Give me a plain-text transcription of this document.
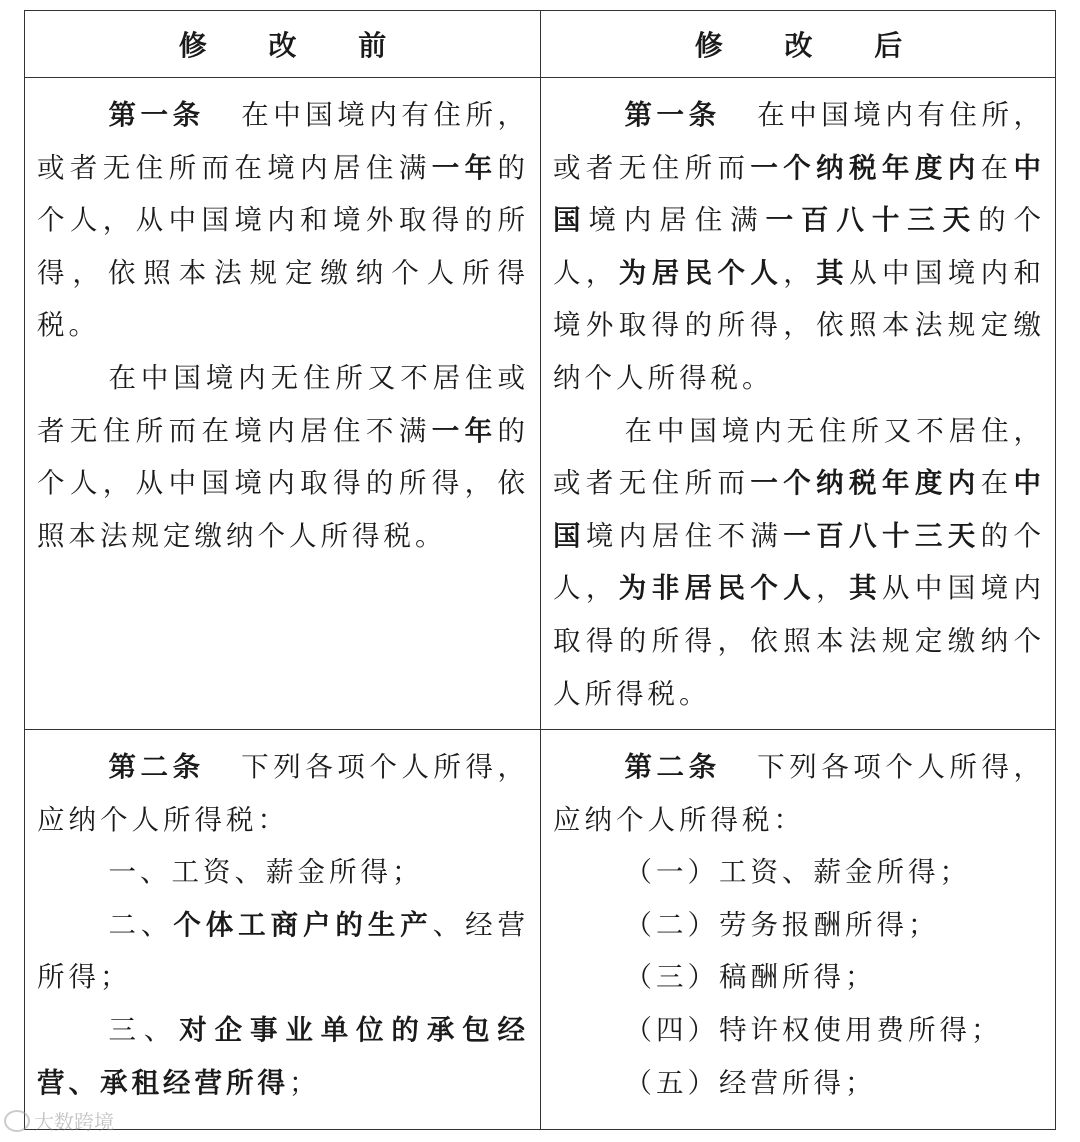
修 改 前	修 改 后

第一条 在中国境内有住所，或者无住所而在境内居住满一年的个人，从中国境内和境外取得的所得，依照本法规定缴纳个人所得税。

在中国境内无住所又不居住或者无住所而在境内居住不满一年的个人，从中国境内取得的所得，依照本法规定缴纳个人所得税。

第一条 在中国境内有住所，或者无住所而一个纳税年度内在中国境内居住满一百八十三天的个人，为居民个人，其从中国境内和境外取得的所得，依照本法规定缴纳个人所得税。

在中国境内无住所又不居住，或者无住所而一个纳税年度内在中国境内居住不满一百八十三天的个人，为非居民个人，其从中国境内取得的所得，依照本法规定缴纳个人所得税。

第二条 下列各项个人所得，应纳个人所得税：

一、工资、薪金所得；

二、个体工商户的生产、经营所得；

三、对企事业单位的承包经营、承租经营所得；

第二条 下列各项个人所得，应纳个人所得税：

（一）工资、薪金所得；

（二）劳务报酬所得；

（三）稿酬所得；

（四）特许权使用费所得；

（五）经营所得；

大数跨境
